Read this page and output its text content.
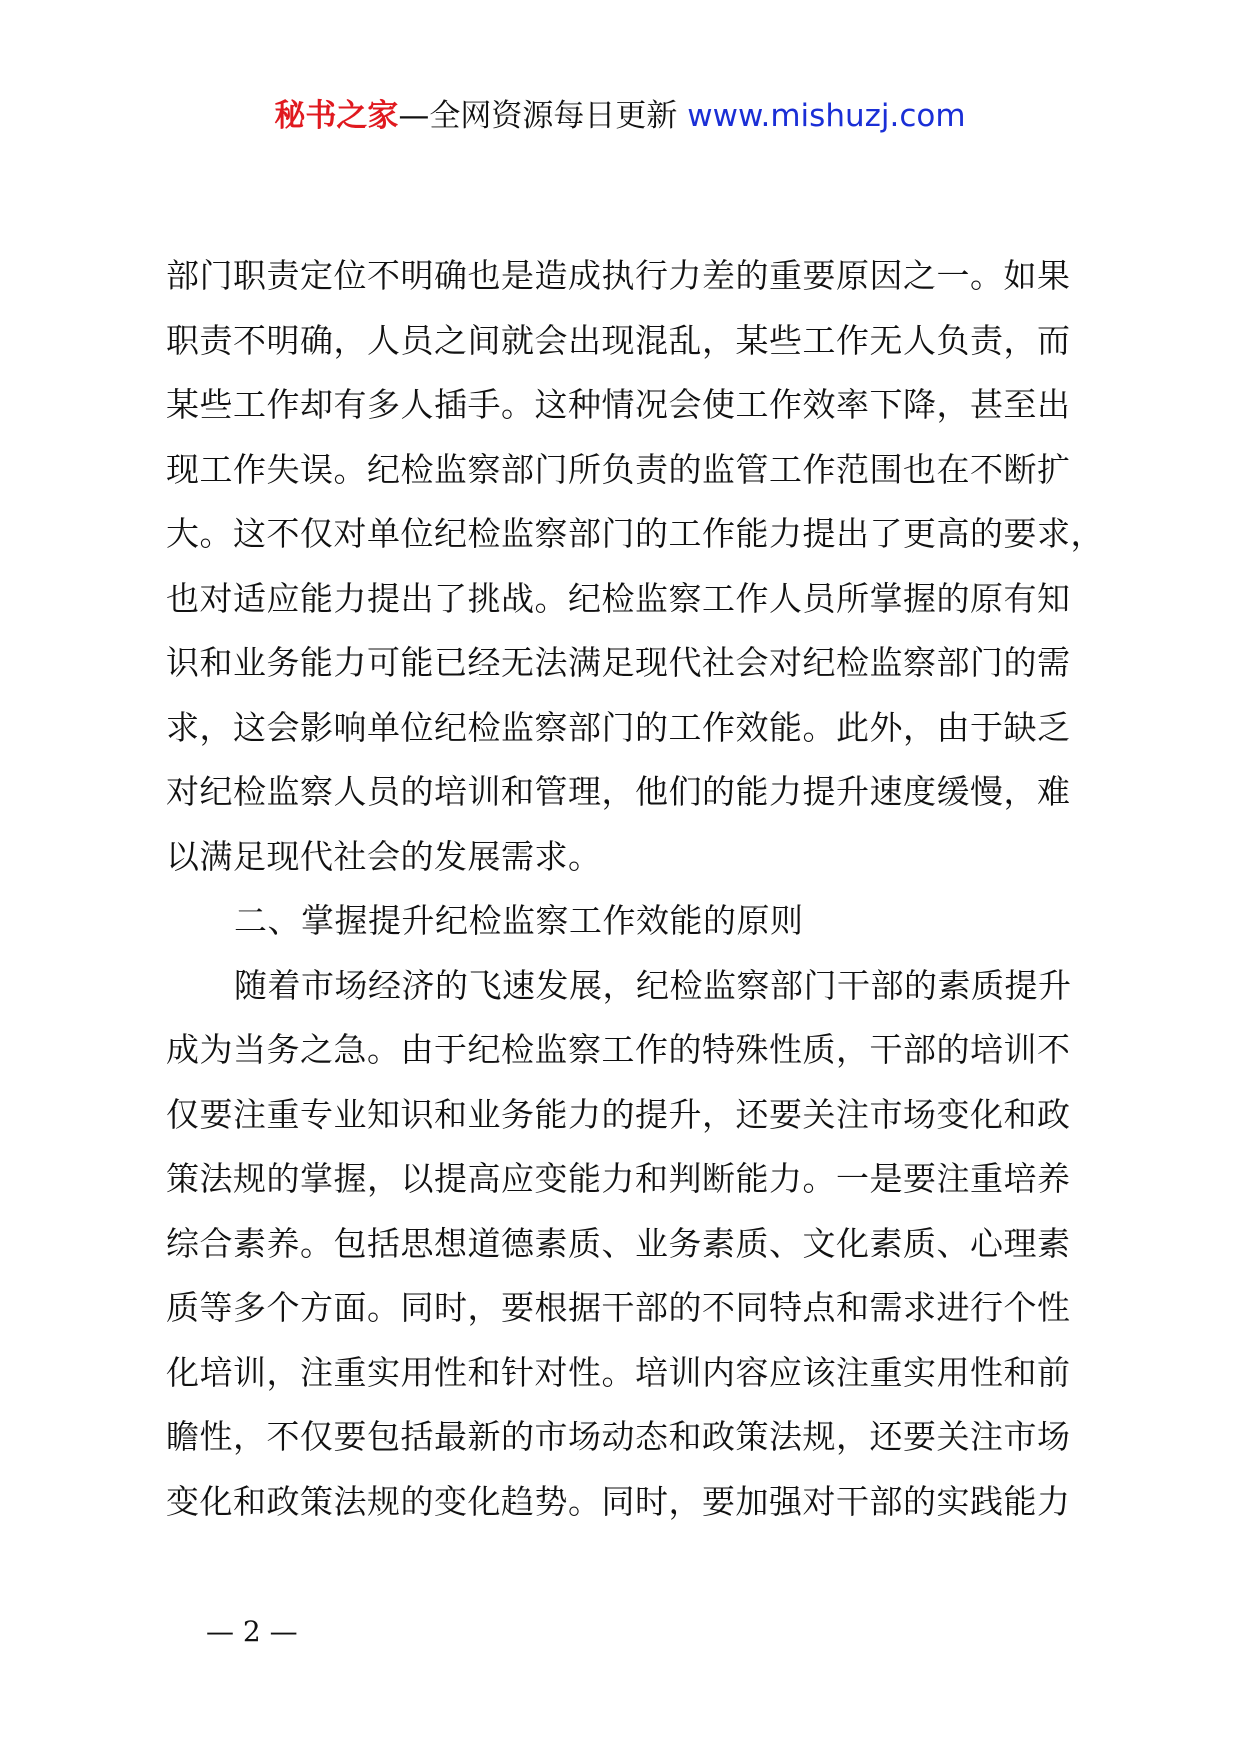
秘书之家—全网资源每日更新 www.mishuzj.com
部门职责定位不明确也是造成执行力差的重要原因之一。如果
职责不明确，人员之间就会出现混乱，某些工作无人负责，而
某些工作却有多人插手。这种情况会使工作效率下降，甚至出
现工作失误。纪检监察部门所负责的监管工作范围也在不断扩
大。这不仅对单位纪检监察部门的工作能力提出了更高的要求，
也对适应能力提出了挑战。纪检监察工作人员所掌握的原有知
识和业务能力可能已经无法满足现代社会对纪检监察部门的需
求，这会影响单位纪检监察部门的工作效能。此外，由于缺乏
对纪检监察人员的培训和管理，他们的能力提升速度缓慢，难
以满足现代社会的发展需求。
二、掌握提升纪检监察工作效能的原则
随着市场经济的飞速发展，纪检监察部门干部的素质提升
成为当务之急。由于纪检监察工作的特殊性质，干部的培训不
仅要注重专业知识和业务能力的提升，还要关注市场变化和政
策法规的掌握，以提高应变能力和判断能力。一是要注重培养
综合素养。包括思想道德素质、业务素质、文化素质、心理素
质等多个方面。同时，要根据干部的不同特点和需求进行个性
化培训，注重实用性和针对性。培训内容应该注重实用性和前
瞻性，不仅要包括最新的市场动态和政策法规，还要关注市场
变化和政策法规的变化趋势。同时，要加强对干部的实践能力
— 2 —
